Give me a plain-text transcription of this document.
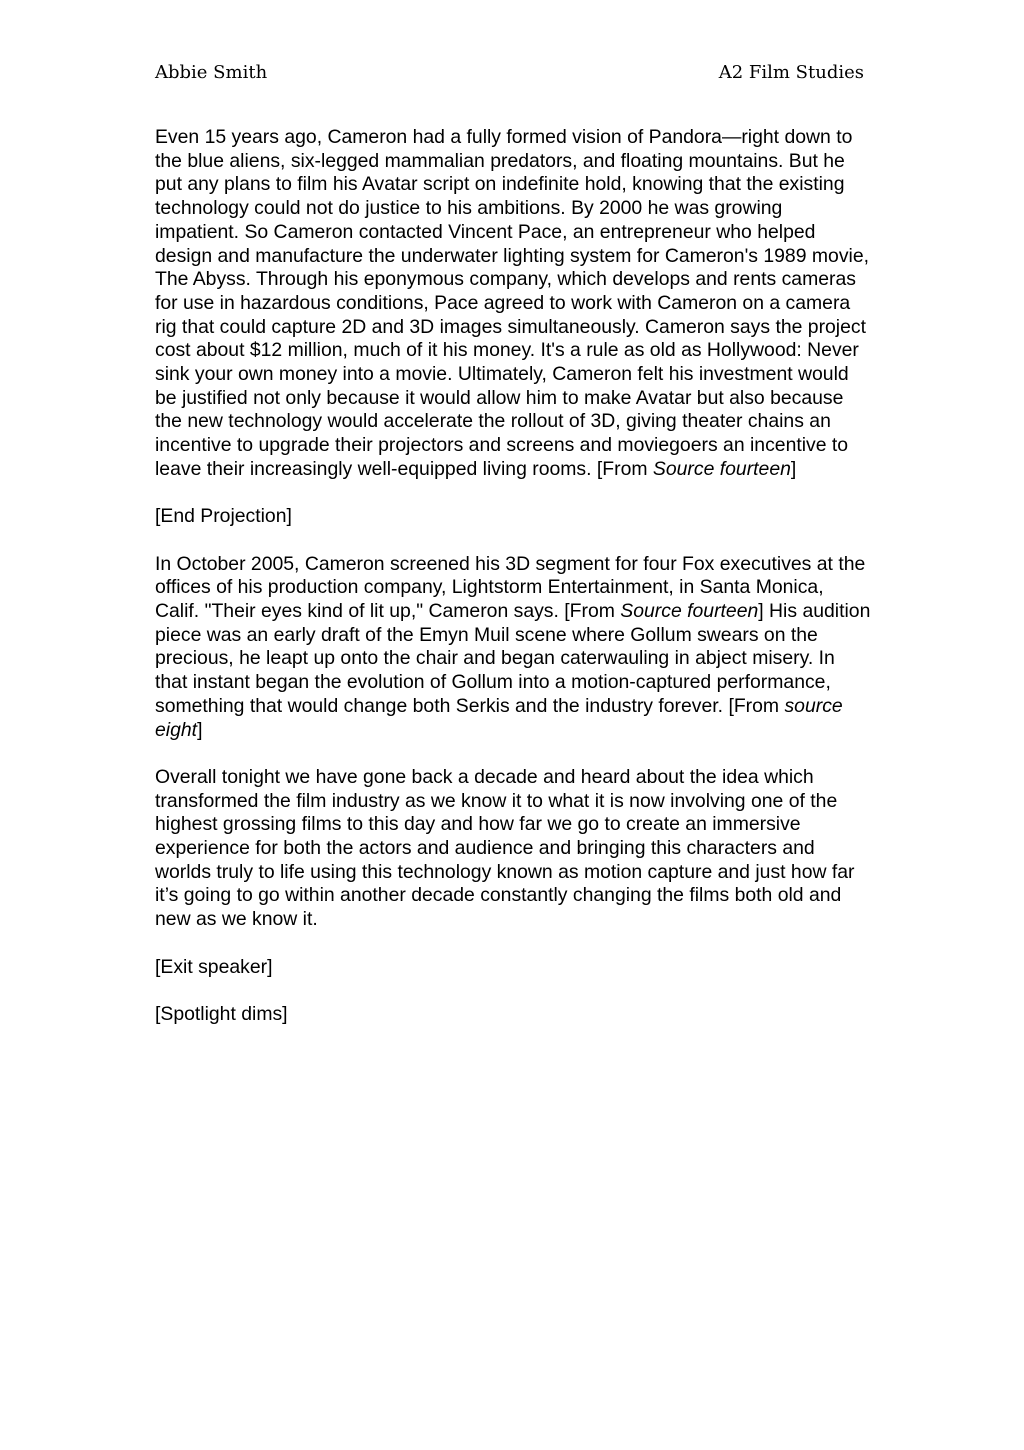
Abbie Smith	A2 Film Studies

Even 15 years ago, Cameron had a fully formed vision of Pandora—right down to the blue aliens, six-legged mammalian predators, and floating mountains. But he put any plans to film his Avatar script on indefinite hold, knowing that the existing technology could not do justice to his ambitions. By 2000 he was growing impatient. So Cameron contacted Vincent Pace, an entrepreneur who helped design and manufacture the underwater lighting system for Cameron's 1989 movie, The Abyss. Through his eponymous company, which develops and rents cameras for use in hazardous conditions, Pace agreed to work with Cameron on a camera rig that could capture 2D and 3D images simultaneously. Cameron says the project cost about $12 million, much of it his money. It's a rule as old as Hollywood: Never sink your own money into a movie. Ultimately, Cameron felt his investment would be justified not only because it would allow him to make Avatar but also because the new technology would accelerate the rollout of 3D, giving theater chains an incentive to upgrade their projectors and screens and moviegoers an incentive to leave their increasingly well-equipped living rooms. [From Source fourteen]

[End Projection]

In October 2005, Cameron screened his 3D segment for four Fox executives at the offices of his production company, Lightstorm Entertainment, in Santa Monica, Calif. "Their eyes kind of lit up," Cameron says. [From Source fourteen] His audition piece was an early draft of the Emyn Muil scene where Gollum swears on the precious, he leapt up onto the chair and began caterwauling in abject misery. In that instant began the evolution of Gollum into a motion-captured performance, something that would change both Serkis and the industry forever. [From source eight]

Overall tonight we have gone back a decade and heard about the idea which transformed the film industry as we know it to what it is now involving one of the highest grossing films to this day and how far we go to create an immersive experience for both the actors and audience and bringing this characters and worlds truly to life using this technology known as motion capture and just how far it’s going to go within another decade constantly changing the films both old and new as we know it.

[Exit speaker]

[Spotlight dims]
